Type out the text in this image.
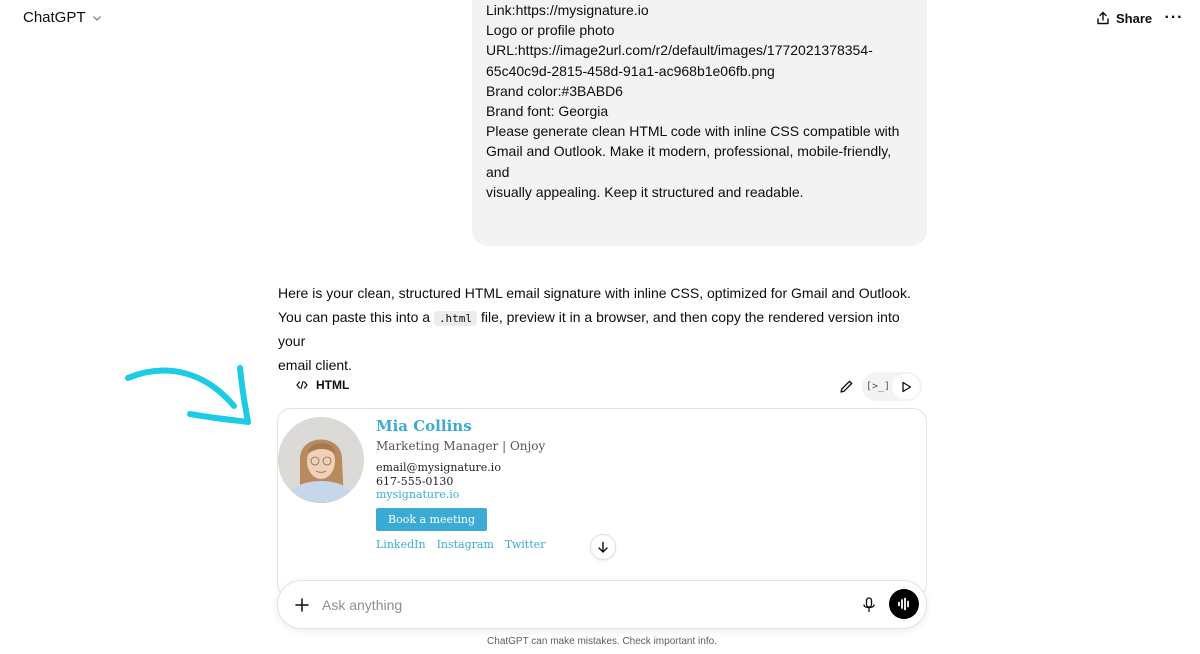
ChatGPT	Share ···
Link:https://mysignature.io
Logo or profile photo
URL:https://image2url.com/r2/default/images/1772021378354-
65c40c9d-2815-458d-91a1-ac968b1e06fb.png
Brand color:#3BABD6
Brand font: Georgia
Please generate clean HTML code with inline CSS compatible with
Gmail and Outlook. Make it modern, professional, mobile-friendly, and
visually appealing. Keep it structured and readable.
Here is your clean, structured HTML email signature with inline CSS, optimized for Gmail and Outlook.
You can paste this into a .html file, preview it in a browser, and then copy the rendered version into your
email client.
HTML	[>_]
Mia Collins
Marketing Manager | Onjoy
email@mysignature.io
617-555-0130
mysignature.io
Book a meeting
LinkedIn Instagram Twitter
Ask anything
ChatGPT can make mistakes. Check important info.
